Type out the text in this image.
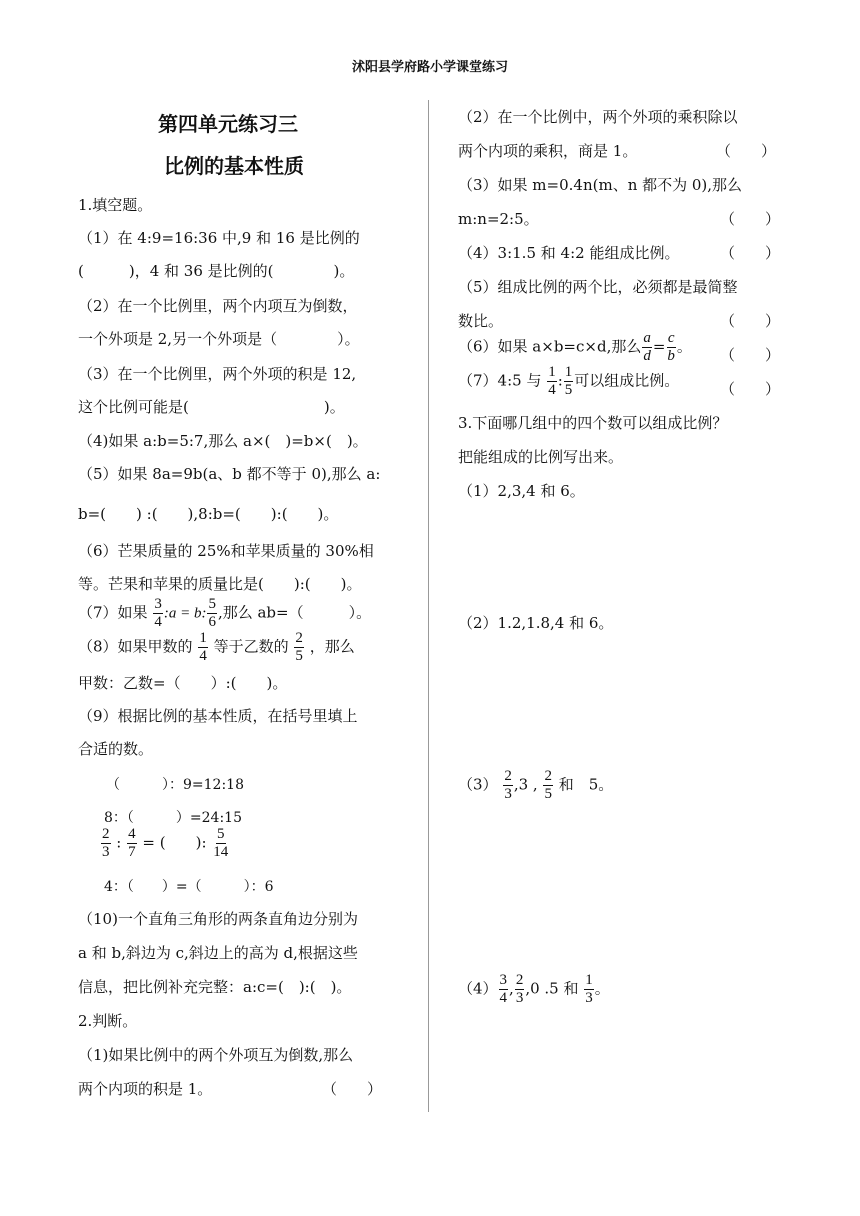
沭阳县学府路小学课堂练习
第四单元练习三
比例的基本性质
1.填空题。
（1）在 4:9=16:36 中,9 和 16 是比例的
(　　　)，4 和 36 是比例的(　　　　)。
（2）在一个比例里，两个内项互为倒数，
一个外项是 2,另一个外项是（　　　　）。
（3）在一个比例里，两个外项的积是 12,
这个比例可能是(　　　　　　　　　)。
（4)如果 a:b=5:7,那么 a×(　)=b×(　)。
（5）如果 8a=9b(a、b 都不等于 0),那么 a:
b=(　　) :(　　),8:b=(　　):(　　)。
（6）芒果质量的 25%和苹果质量的 30%相
等。芒果和苹果的质量比是(　　):(　　)。
（7）如果 $\frac{3}{4}$ :a = b: $\frac{5}{6}$ ,那么 ab=（　　　）。
（8）如果甲数的 $\frac{1}{4}$ 等于乙数的 $\frac{2}{5}$ ，那么
甲数：乙数=（　　）:(　　)。
（9）根据比例的基本性质，在括号里填上
合适的数。
（　　　）：9=12:18
8：（　　　）=24:15
$\frac{2}{3}$ : $\frac{4}{7}$ = (　　): $\frac{5}{14}$
4：（　　）=（　　　）：6
（10)一个直角三角形的两条直角边分别为
a 和 b,斜边为 c,斜边上的高为 d,根据这些
信息，把比例补充完整：a:c=(　):(　)。
2.判断。
（1)如果比例中的两个外项互为倒数,那么
两个内项的积是 1。	（　　）
（2）在一个比例中，两个外项的乘积除以
两个内项的乘积，商是 1。	（　　）
（3）如果 m=0.4n(m、n 都不为 0),那么
m:n=2:5。	（　　）
（4）3:1.5 和 4:2 能组成比例。	（　　）
（5）组成比例的两个比，必须都是最简整
数比。	（　　）
（6）如果 a×b=c×d,那么 $\frac{a}{d} = \frac{c}{b}$ 。 （　　）
（7）4:5 与 $\frac{1}{4}$ : $\frac{1}{5}$ 可以组成比例。	（　　）
3.下面哪几组中的四个数可以组成比例？
把能组成的比例写出来。
（1）2,3,4 和 6。
（2）1.2,1.8,4 和 6。
$(3) \frac{2}{3} ,3$ , $\frac{2}{5}$ 和　5。
$(4) \frac{3}{4}$ , $\frac{2}{3} ,0$ .5 和 $\frac{1}{3}$ 。
